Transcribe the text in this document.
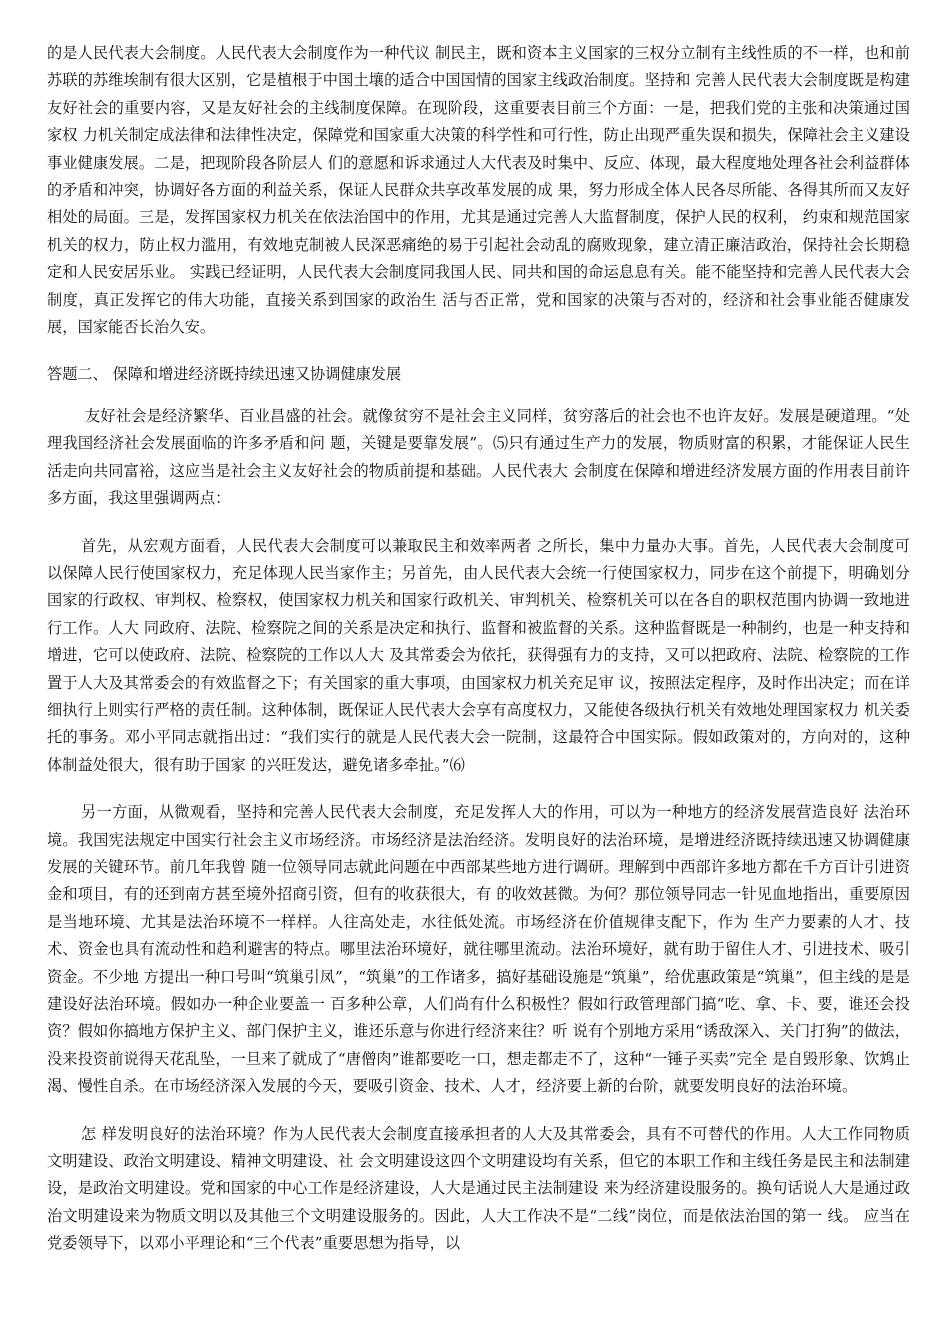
的是人民代表大会制度。人民代表大会制度作为一种代议 制民主，既和资本主义国家的三权分立制有主线性质的不一样，也和前苏联的苏维埃制有很大区别，它是植根于中国土壤的适合中国国情的国家主线政治制度。坚持和 完善人民代表大会制度既是构建友好社会的重要内容，又是友好社会的主线制度保障。在现阶段，这重要表目前三个方面：一是，把我们党的主张和决策通过国家权 力机关制定成法律和法律性决定，保障党和国家重大决策的科学性和可行性，防止出现严重失误和损失，保障社会主义建设事业健康发展。二是，把现阶段各阶层人 们的意愿和诉求通过人大代表及时集中、反应、体现，最大程度地处理各社会利益群体的矛盾和冲突，协调好各方面的利益关系，保证人民群众共享改革发展的成 果，努力形成全体人民各尽所能、各得其所而又友好相处的局面。三是，发挥国家权力机关在依法治国中的作用，尤其是通过完善人大监督制度，保护人民的权利， 约束和规范国家机关的权力，防止权力滥用，有效地克制被人民深恶痛绝的易于引起社会动乱的腐败现象，建立清正廉洁政治，保持社会长期稳定和人民安居乐业。 实践已经证明，人民代表大会制度同我国人民、同共和国的命运息息有关。能不能坚持和完善人民代表大会制度，真正发挥它的伟大功能，直接关系到国家的政治生 活与否正常，党和国家的决策与否对的，经济和社会事业能否健康发展，国家能否长治久安。

答题二、 保障和增进经济既持续迅速又协调健康发展

友好社会是经济繁华、百业昌盛的社会。就像贫穷不是社会主义同样，贫穷落后的社会也不也许友好。发展是硬道理。“处理我国经济社会发展面临的许多矛盾和问 题，关键是要靠发展”。⑸只有通过生产力的发展，物质财富的积累，才能保证人民生活走向共同富裕，这应当是社会主义友好社会的物质前提和基础。人民代表大 会制度在保障和增进经济发展方面的作用表目前许多方面，我这里强调两点：

首先，从宏观方面看，人民代表大会制度可以兼取民主和效率两者 之所长，集中力量办大事。首先，人民代表大会制度可以保障人民行使国家权力，充足体现人民当家作主；另首先，由人民代表大会统一行使国家权力，同步在这个前提下，明确划分国家的行政权、审判权、检察权，使国家权力机关和国家行政机关、审判机关、检察机关可以在各自的职权范围内协调一致地进行工作。人大 同政府、法院、检察院之间的关系是决定和执行、监督和被监督的关系。这种监督既是一种制约，也是一种支持和增进，它可以使政府、法院、检察院的工作以人大 及其常委会为依托，获得强有力的支持，又可以把政府、法院、检察院的工作置于人大及其常委会的有效监督之下；有关国家的重大事项，由国家权力机关充足审 议，按照法定程序，及时作出决定；而在详细执行上则实行严格的责任制。这种体制，既保证人民代表大会享有高度权力，又能使各级执行机关有效地处理国家权力 机关委托的事务。邓小平同志就指出过：“我们实行的就是人民代表大会一院制，这最符合中国实际。假如政策对的，方向对的，这种体制益处很大，很有助于国家 的兴旺发达，避免诸多牵扯。”⑹

另一方面，从微观看，坚持和完善人民代表大会制度，充足发挥人大的作用，可以为一种地方的经济发展营造良好 法治环境。我国宪法规定中国实行社会主义市场经济。市场经济是法治经济。发明良好的法治环境，是增进经济既持续迅速又协调健康发展的关键环节。前几年我曾 随一位领导同志就此问题在中西部某些地方进行调研。理解到中西部许多地方都在千方百计引进资金和项目，有的还到南方甚至境外招商引资，但有的收获很大，有 的收效甚微。为何？那位领导同志一针见血地指出，重要原因是当地环境、尤其是法治环境不一样样。人往高处走，水往低处流。市场经济在价值规律支配下，作为 生产力要素的人才、技术、资金也具有流动性和趋利避害的特点。哪里法治环境好，就往哪里流动。法治环境好，就有助于留住人才、引进技术、吸引资金。不少地 方提出一种口号叫“筑巢引凤”，“筑巢”的工作诸多，搞好基础设施是“筑巢”，给优惠政策是“筑巢”，但主线的是是建设好法治环境。假如办一种企业要盖一 百多种公章，人们尚有什么积极性？假如行政管理部门搞“吃、拿、卡、要，谁还会投资？假如你搞地方保护主义、部门保护主义，谁还乐意与你进行经济来往？听 说有个别地方采用“诱敌深入、关门打狗”的做法，没来投资前说得天花乱坠，一旦来了就成了“唐僧肉”谁都要吃一口，想走都走不了，这种“一锤子买卖”完全 是自毁形象、饮鸩止渴、慢性自杀。在市场经济深入发展的今天，要吸引资金、技术、人才，经济要上新的台阶，就要发明良好的法治环境。

怎 样发明良好的法治环境？作为人民代表大会制度直接承担者的人大及其常委会，具有不可替代的作用。人大工作同物质文明建设、政治文明建设、精神文明建设、社 会文明建设这四个文明建设均有关系，但它的本职工作和主线任务是民主和法制建设，是政治文明建设。党和国家的中心工作是经济建设，人大是通过民主法制建设 来为经济建设服务的。换句话说人大是通过政治文明建设来为物质文明以及其他三个文明建设服务的。因此，人大工作决不是“二线”岗位，而是依法治国的第一 线。 应当在党委领导下，以邓小平理论和“三个代表”重要思想为指导，以
